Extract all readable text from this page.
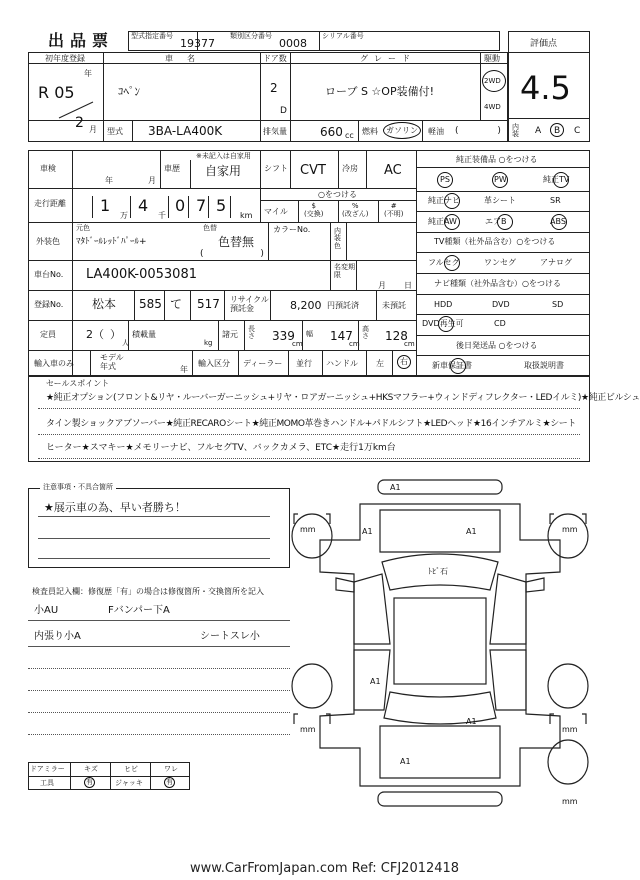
出品票 型式指定番号
19377
類別区分番号
0008
シリアル番号
評価点
4.5
内装 A B C
初年度登録	車名	ドア数	グレード	駆動
年
R 05
2 月
ｺﾍﾟﾝ	2
D
ローブ S ☆OP装備付!
2WD
4WD
型式 3BA-LA400K	排気量	660 cc 燃料 ガソリン 軽油 (　　　　 )
車検
年	月
車歴
※未記入は自家用
自家用	シフト CVT 冷房 AC
走行距離 1
万
4
千
0 7 5
km
○をつける
マイル
$
(交換)
%
(改ざん)
#
(不明)
外装色
元色
ﾏﾀﾄﾞｰﾙﾚｯﾄﾞﾊﾟｰﾙ+
色替
色替無
(　　　　　　 )
カラーNo.	内装色
車台No. LA400K-0053081	名変期限
月 日
登録No. 松本 585 て 517 リサイクル
預託金	8,200 円預託済	未預託
定員	2（ ）
人
積載量
kg
諸元
長さ 339
cm
幅 147
cm
高さ 128
cm
輸入車のみ
モデル
年式	年
輸入区分 ディーラー 並行 ハンドル 左 右
純正装備品 ○をつける
PS	PW	純正TV
純正ナビ	革シート	SR
純正AW	エアB	ABS
TV種類（社外品含む）○をつける
フルセグ	ワンセグ	アナログ
ナビ種類（社外品含む）○をつける
HDD	DVD	SD
DVD再生可	CD
後日発送品 ○をつける
新車保証書	取扱説明書
セールスポイント
★純正オプション(フロント&リヤ・ルーバーガーニッシュ+リヤ・ロアガーニッシュ+HKSマフラー+ウィンドディフレクター・LEDイルミ)★純正ビルシュ
タイン製ショックアブソーバー★純正RECAROシート★純正MOMO革巻きハンドル+パドルシフト★LEDヘッド★16インチアルミ★シート
ヒーター★スマキー★メモリーナビ、フルセグTV、バックカメラ、ETC★走行1万km台
注意事項・不具合箇所
★展示車の為、早い者勝ち！
検査員記入欄：修復歴「有」の場合は修復箇所・交換箇所を記入
小AU	Fバンパー下A
内張り小A	シートスレ小
ドアミラー	キズ	ヒビ	ワレ
工具	有	ジャッキ	有
A1
A1	A1
ﾄﾋﾞ石
A1
A1
A1
mm	mm
mm	mm
mm
www.CarFromJapan.com Ref: CFJ2012418
